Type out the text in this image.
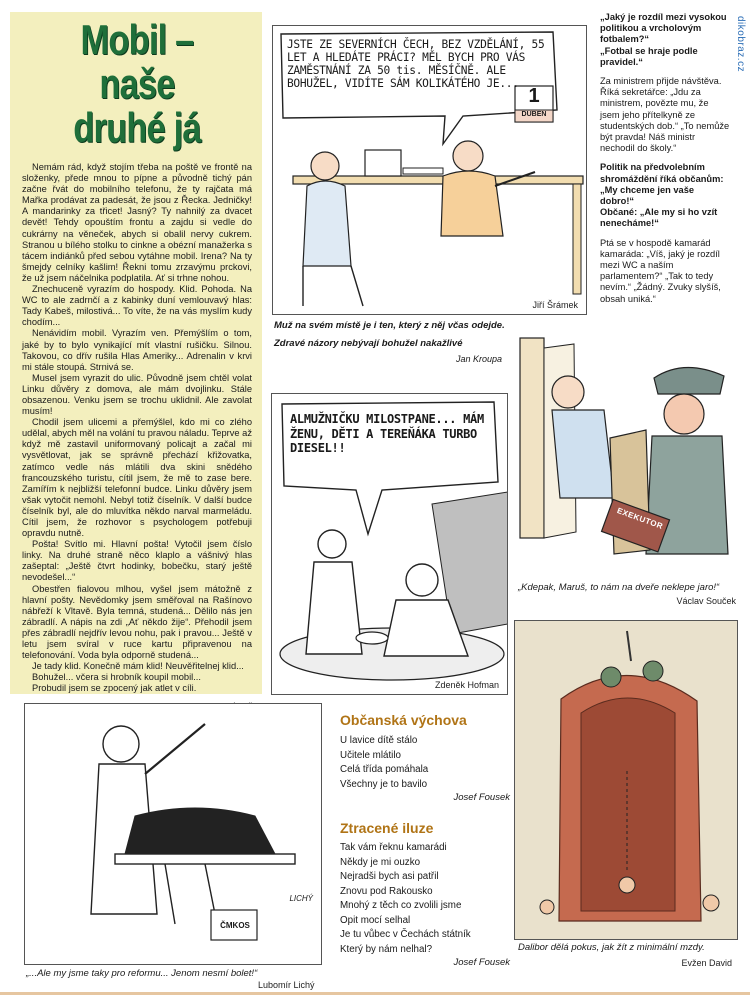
Mobil – naše
druhé já

Nemám rád, když stojím třeba na poště ve frontě na složenky, přede mnou to pípne a původně tichý pán začne řvát do mobilního telefonu, že ty rajčata má Mařka prodávat za padesát, že jsou z Řecka. Jedničky! A mandarinky za třicet! Jasný? Ty nahnilý za dvacet devět! Tehdy opouštím frontu a zajdu si vedle do cukrárny na věneček, abych si obalil nervy cukrem. Stranou u bílého stolku to cinkne a obézní manažerka s tácem indiánků před sebou vytáhne mobil. Irena? Na ty šmejdy celníky kašlim! Řekni tomu zrzavýmu prckovi, že už jsem náčelnika podplatila. Ať si trhne nohou.

Znechuceně vyrazím do hospody. Klid. Pohoda. Na WC to ale zadrnčí a z kabinky duní vemlouvavý hlas: Tady Kabeš, milostivá... To víte, že na vás myslím kudy chodím...

Nenávidím mobil. Vyrazím ven. Přemýšlím o tom, jaké by to bylo vynikající mít vlastní rušičku. Silnou. Takovou, co dřív rušila Hlas Ameriky... Adrenalin v krvi mi stále stoupá. Strnivá se.

Musel jsem vyrazit do ulic. Původně jsem chtěl volat Linku důvěry z domova, ale mám dvojlinku. Stále obsazenou. Venku jsem se trochu uklidnil. Ale zavolat musím!

Chodil jsem ulicemi a přemýšlel, kdo mi co zlého udělal, abych měl na volání tu pravou náladu. Teprve až když mě zastavil uniformovaný policajt a začal mi vysvětlovat, jak se správně přechází křižovatka, zatímco vedle nás mlátili dva skini snědého francouzského turistu, cítil jsem, že mě to zase bere. Zamířím k nejbližší telefonní budce. Linku důvěry jsem však vytočit nemohl. Nebyl totiž číselník. V další budce číselník byl, ale do mluvítka někdo narval marmeládu. Cítil jsem, že rozhovor s psychologem potřebuji opravdu nutně.

Pošta! Svítlo mi. Hlavní pošta! Vytočil jsem číslo linky. Na druhé straně něco klaplo a vášnivý hlas zašeptal: „Ještě čtvrt hodinky, bobečku, starý ještě nevodešel...“

Obestřen fialovou mlhou, vyšel jsem mátožně z hlavní pošty. Nevědomky jsem směřoval na Rašínovo nábřeží k Vltavě. Byla temná, studená... Dělilo nás jen zábradlí. A nápis na zdi „Ať někdo žije“. Přehodil jsem přes zábradlí nejdřív levou nohu, pak i pravou... Ještě v letu jsem svíral v ruce kartu připravenou na telefonování. Voda byla odporně studená...

Je tady klid. Konečně mám klid! Neuvěřitelnej klid...

Bohužel... včera si hrobník koupil mobil...

Probudil jsem se zpocený jak atlet v cíli.

JSTE ZE SEVERNÍCH ČECH, BEZ VZDĚLÁNÍ, 55 LET A HLEDÁTE PRÁCI? MĚL BYCH PRO VÁS ZAMĚSTNÁNÍ ZA 50 tis. MĚSÍČNĚ. ALE BOHUŽEL, VIDÍTE SÁM KOLIKÁTÉHO JE...
1
DUBEN
Jiří Šrámek
Muž na svém místě je i ten, který z něj včas odejde.
Zdravé názory nebývají bohužel nakažlivé
Jan Kroupa

„Jaký je rozdíl mezi vysokou politikou a vrcholovým fotbalem?“
„Fotbal se hraje podle pravidel.“

Za ministrem přijde návštěva. Říká sekretářce: „Jdu za ministrem, povězte mu, že jsem jeho přítelkyně ze studentských dob.“ „To nemůže být pravda! Náš ministr nechodil do školy.“

Politik na předvolebním shromáždění říká občanům: „My chceme jen vaše dobro!“
Občané: „Ale my si ho vzít nenecháme!“

Ptá se v hospodě kamarád kamaráda: „Víš, jaký je rozdíl mezi WC a naším parlamentem?“ „Tak to tedy nevím.“ „Žádný. Zvuky slyšíš, obsah uniká.“

dikobraz.cz
ALMUŽNIČKU MILOSTPANE... MÁM ŽENU, DĚTI A TEREŇÁKA TURBO DIESEL!!
Zdeněk Hofman
EXEKUTOR
„Kdepak, Maruš, to nám na dveře neklepe jaro!“
Václav Souček
ČMKOS
LICHÝ
„...Ale my jsme taky pro reformu... Jenom nesmí bolet!“
Lubomír Lichý
Občanská výchova
U lavice dítě stálo
Učitele mlátilo
Celá třída pomáhala
Všechny je to bavilo
Josef Fousek
Ztracené iluze
Tak vám řeknu kamarádi
Někdy je mi ouzko
Nejradši bych asi patřil
Znovu pod Rakousko
Mnohý z těch co zvolili jsme
Opit mocí selhal
Je tu vůbec v Čechách státník
Který by nám nelhal?
Josef Fousek
Dalibor dělá pokus, jak žít z minimální mzdy.
Evžen David
